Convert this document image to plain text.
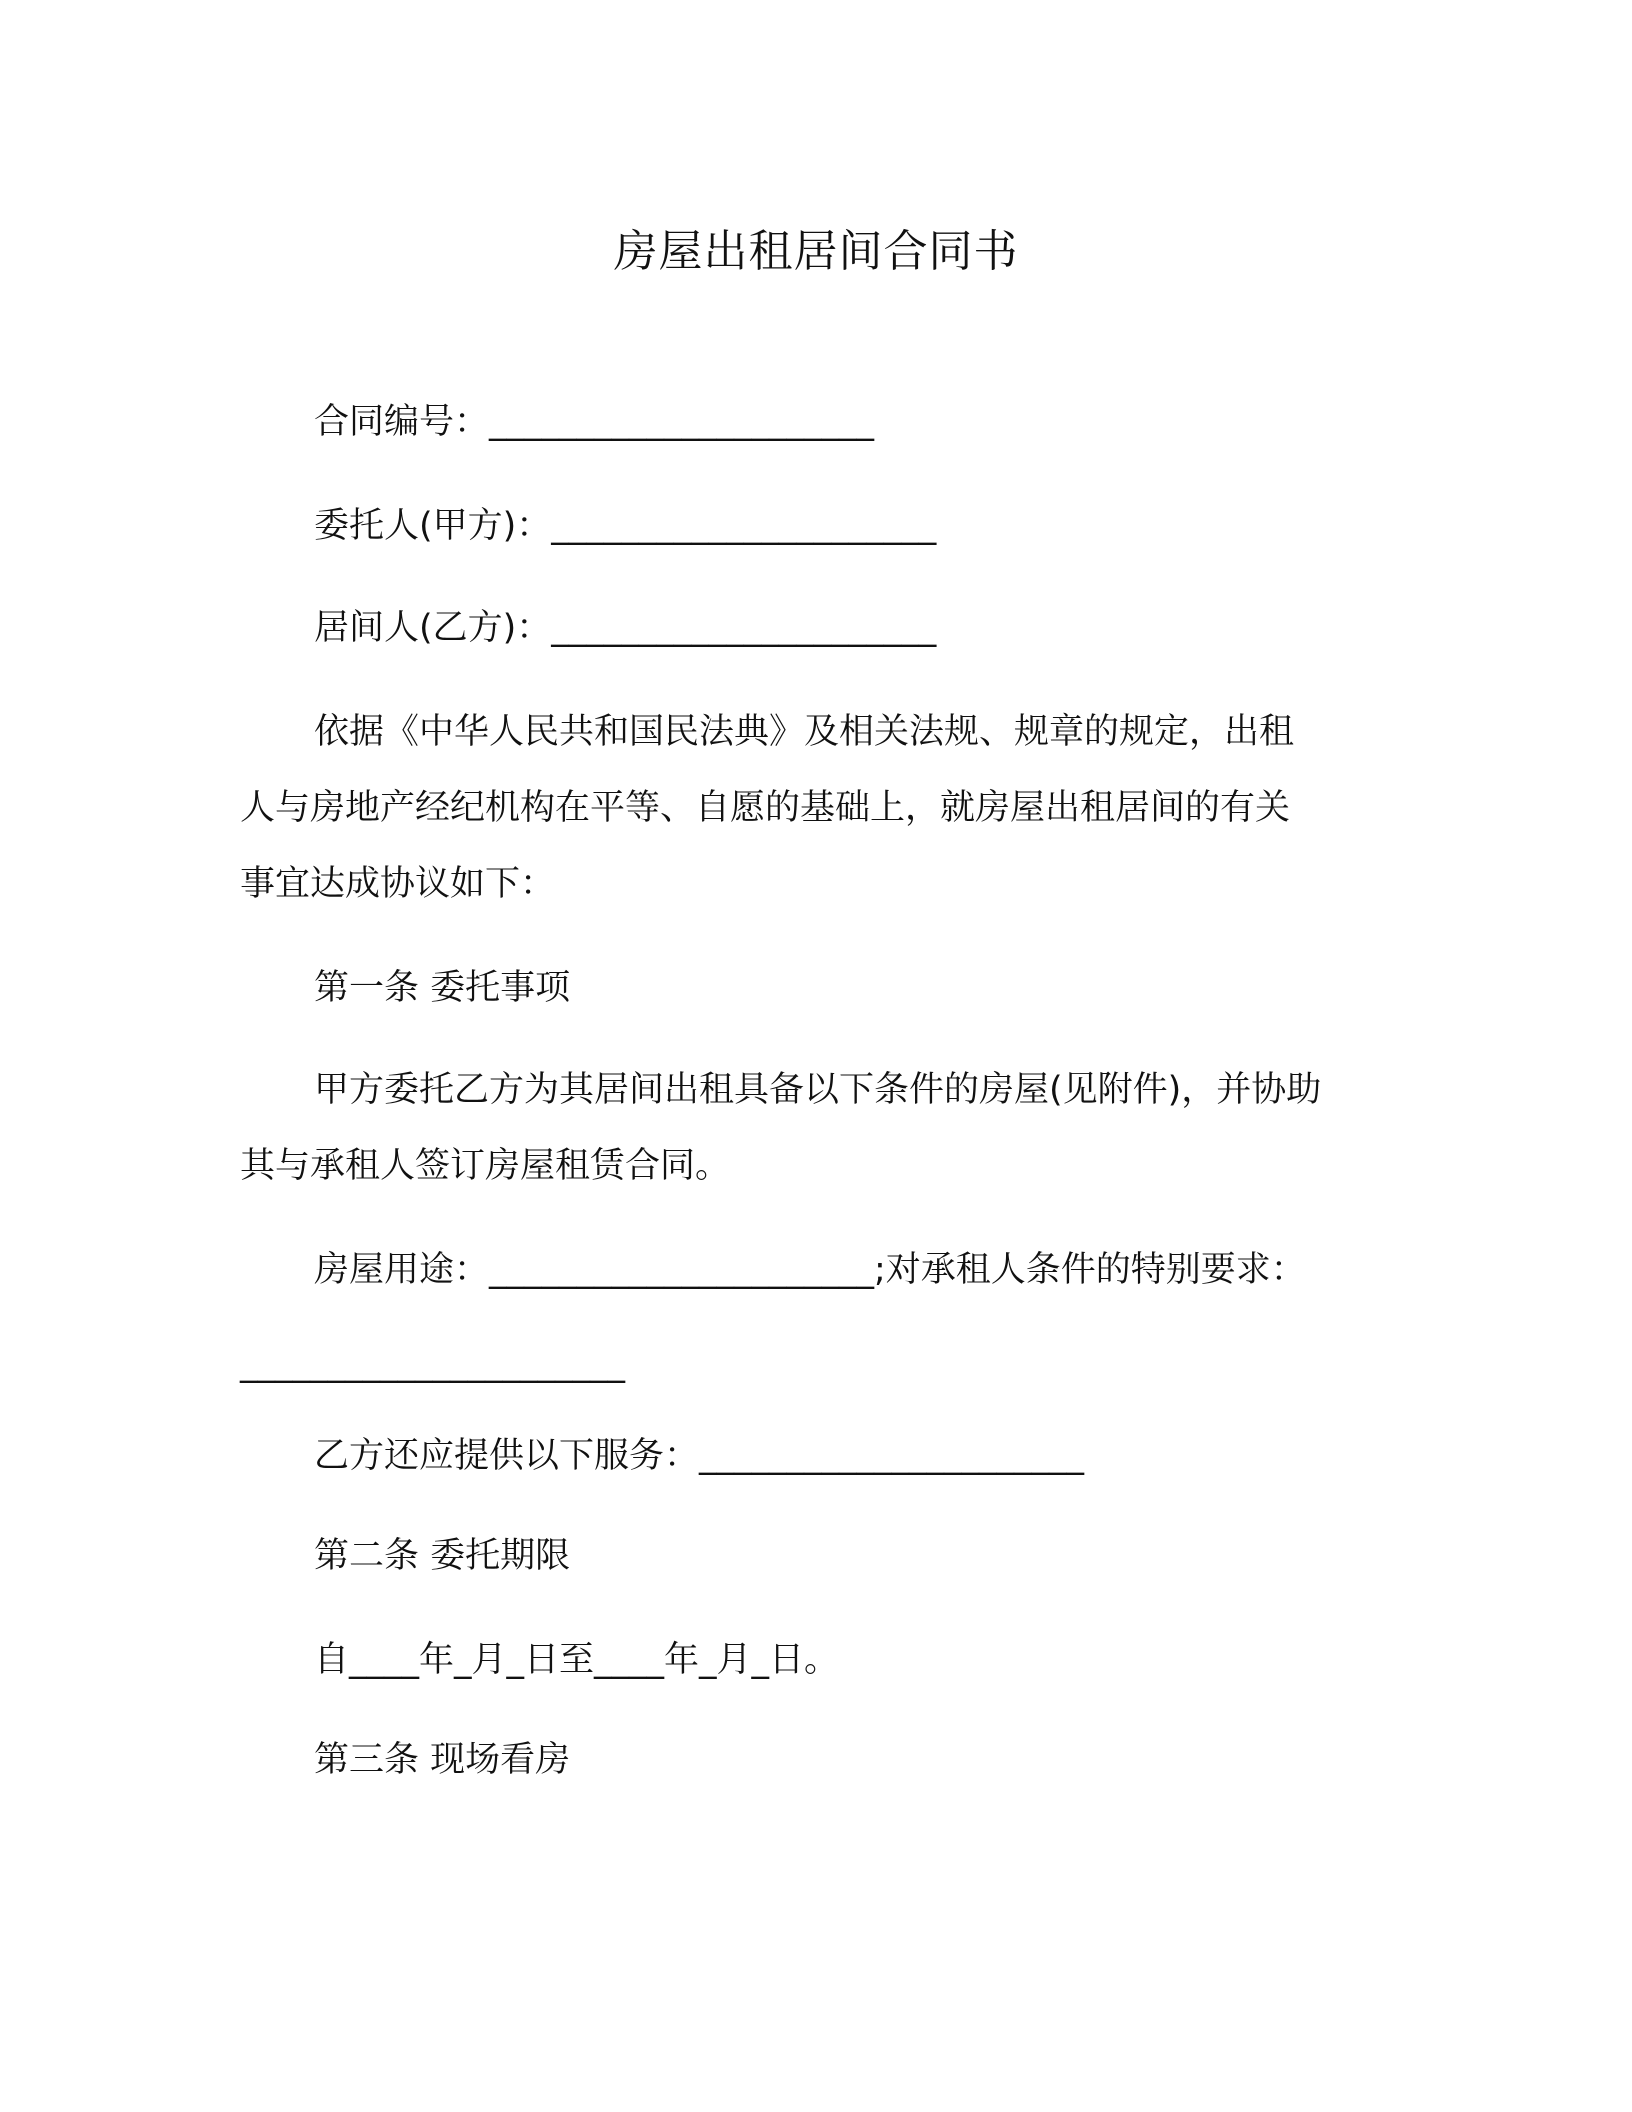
房屋出租居间合同书
合同编号：______________________
委托人(甲方)：______________________
居间人(乙方)：______________________
依据《中华人民共和国民法典》及相关法规、规章的规定，出租
人与房地产经纪机构在平等、自愿的基础上，就房屋出租居间的有关
事宜达成协议如下：
第一条 委托事项
甲方委托乙方为其居间出租具备以下条件的房屋(见附件)，并协助
其与承租人签订房屋租赁合同。
房屋用途：______________________;对承租人条件的特别要求：
______________________
乙方还应提供以下服务：______________________
第二条 委托期限
自____年_月_日至____年_月_日。
第三条 现场看房
